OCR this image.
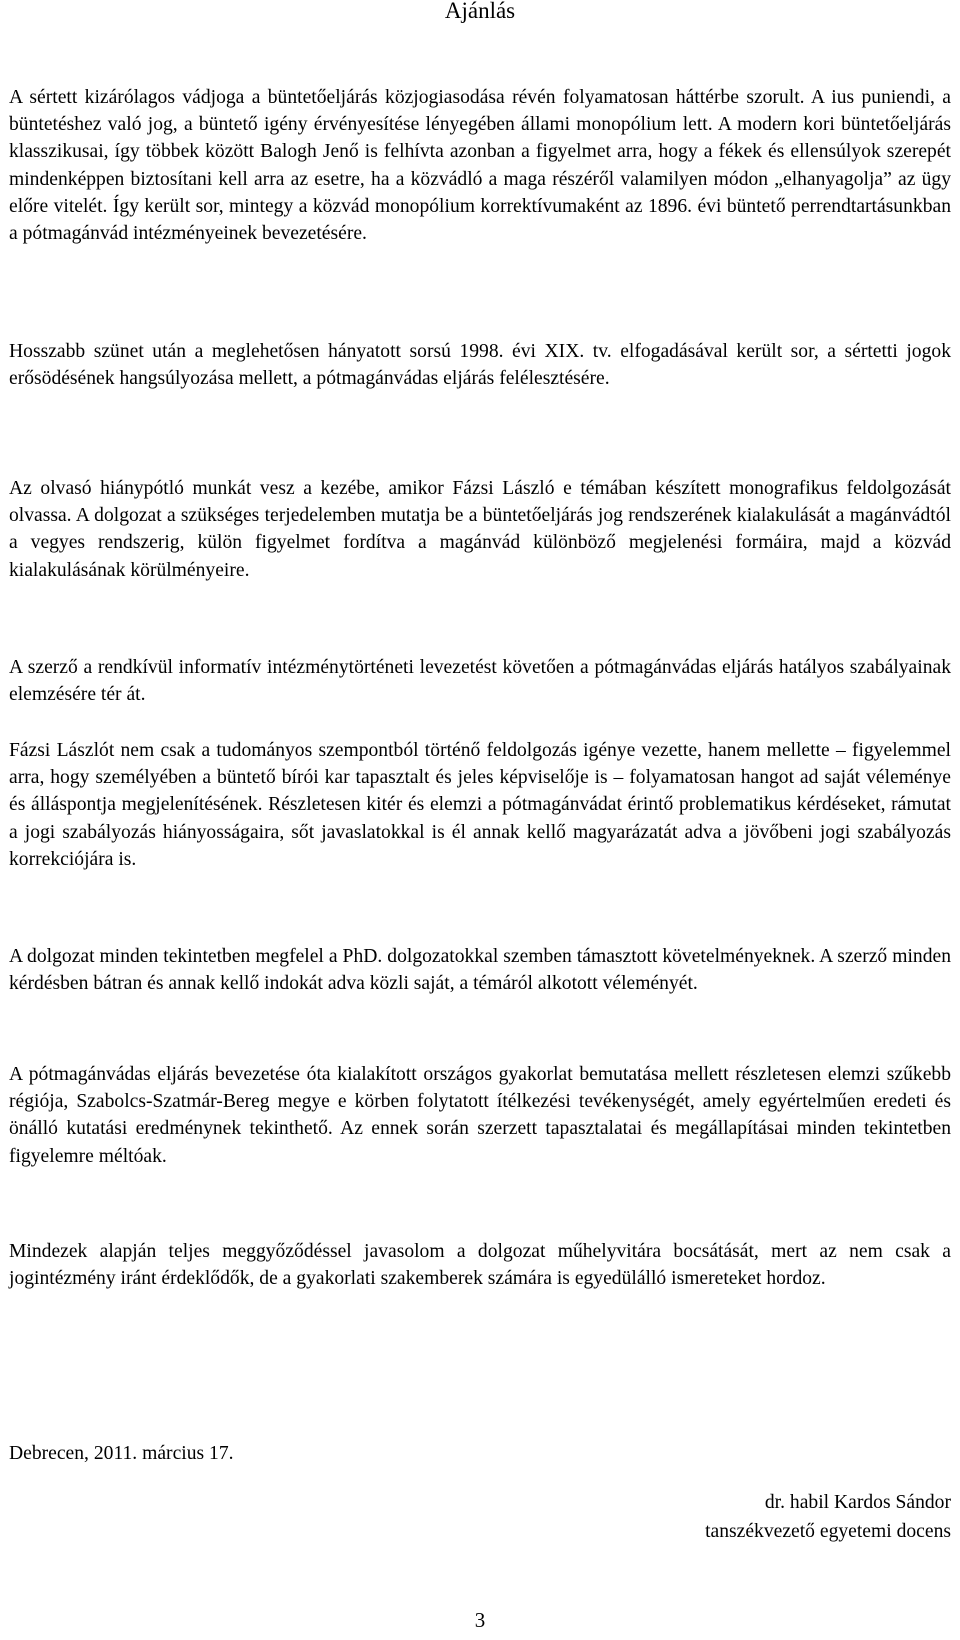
Ajánlás

A sértett kizárólagos vádjoga a büntetőeljárás közjogiasodása révén folyamatosan háttérbe szorult. A ius puniendi, a büntetéshez való jog, a büntető igény érvényesítése lényegében állami monopólium lett. A modern kori büntetőeljárás klasszikusai, így többek között Balogh Jenő is felhívta azonban a figyelmet arra, hogy a fékek és ellensúlyok szerepét mindenképpen biztosítani kell arra az esetre, ha a közvádló a maga részéről valamilyen módon „elhanyagolja” az ügy előre vitelét. Így került sor, mintegy a közvád monopólium korrektívumaként az 1896. évi büntető perrendtartásunkban a pótmagánvád intézményeinek bevezetésére.

Hosszabb szünet után a meglehetősen hányatott sorsú 1998. évi XIX. tv. elfogadásával került sor, a sértetti jogok erősödésének hangsúlyozása mellett, a pótmagánvádas eljárás felélesztésére.

Az olvasó hiánypótló munkát vesz a kezébe, amikor Fázsi László e témában készített monografikus feldolgozását olvassa. A dolgozat a szükséges terjedelemben mutatja be a büntetőeljárás jog rendszerének kialakulását a magánvádtól a vegyes rendszerig, külön figyelmet fordítva a magánvád különböző megjelenési formáira, majd a közvád kialakulásának körülményeire.

A szerző a rendkívül informatív intézménytörténeti levezetést követően a pótmagánvádas eljárás hatályos szabályainak elemzésére tér át.

Fázsi Lászlót nem csak a tudományos szempontból történő feldolgozás igénye vezette, hanem mellette – figyelemmel arra, hogy személyében a büntető bírói kar tapasztalt és jeles képviselője is – folyamatosan hangot ad saját véleménye és álláspontja megjelenítésének. Részletesen kitér és elemzi a pótmagánvádat érintő problematikus kérdéseket, rámutat a jogi szabályozás hiányosságaira, sőt javaslatokkal is él annak kellő magyarázatát adva a jövőbeni jogi szabályozás korrekciójára is.

A dolgozat minden tekintetben megfelel a PhD. dolgozatokkal szemben támasztott követelményeknek. A szerző minden kérdésben bátran és annak kellő indokát adva közli saját, a témáról alkotott véleményét.

A pótmagánvádas eljárás bevezetése óta kialakított országos gyakorlat bemutatása mellett részletesen elemzi szűkebb régiója, Szabolcs-Szatmár-Bereg megye e körben folytatott ítélkezési tevékenységét, amely egyértelműen eredeti és önálló kutatási eredménynek tekinthető. Az ennek során szerzett tapasztalatai és megállapításai minden tekintetben figyelemre méltóak.

Mindezek alapján teljes meggyőződéssel javasolom a dolgozat műhelyvitára bocsátását, mert az nem csak a jogintézmény iránt érdeklődők, de a gyakorlati szakemberek számára is egyedülálló ismereteket hordoz.

Debrecen, 2011. március 17.
dr. habil Kardos Sándor
tanszékvezető egyetemi docens
3
